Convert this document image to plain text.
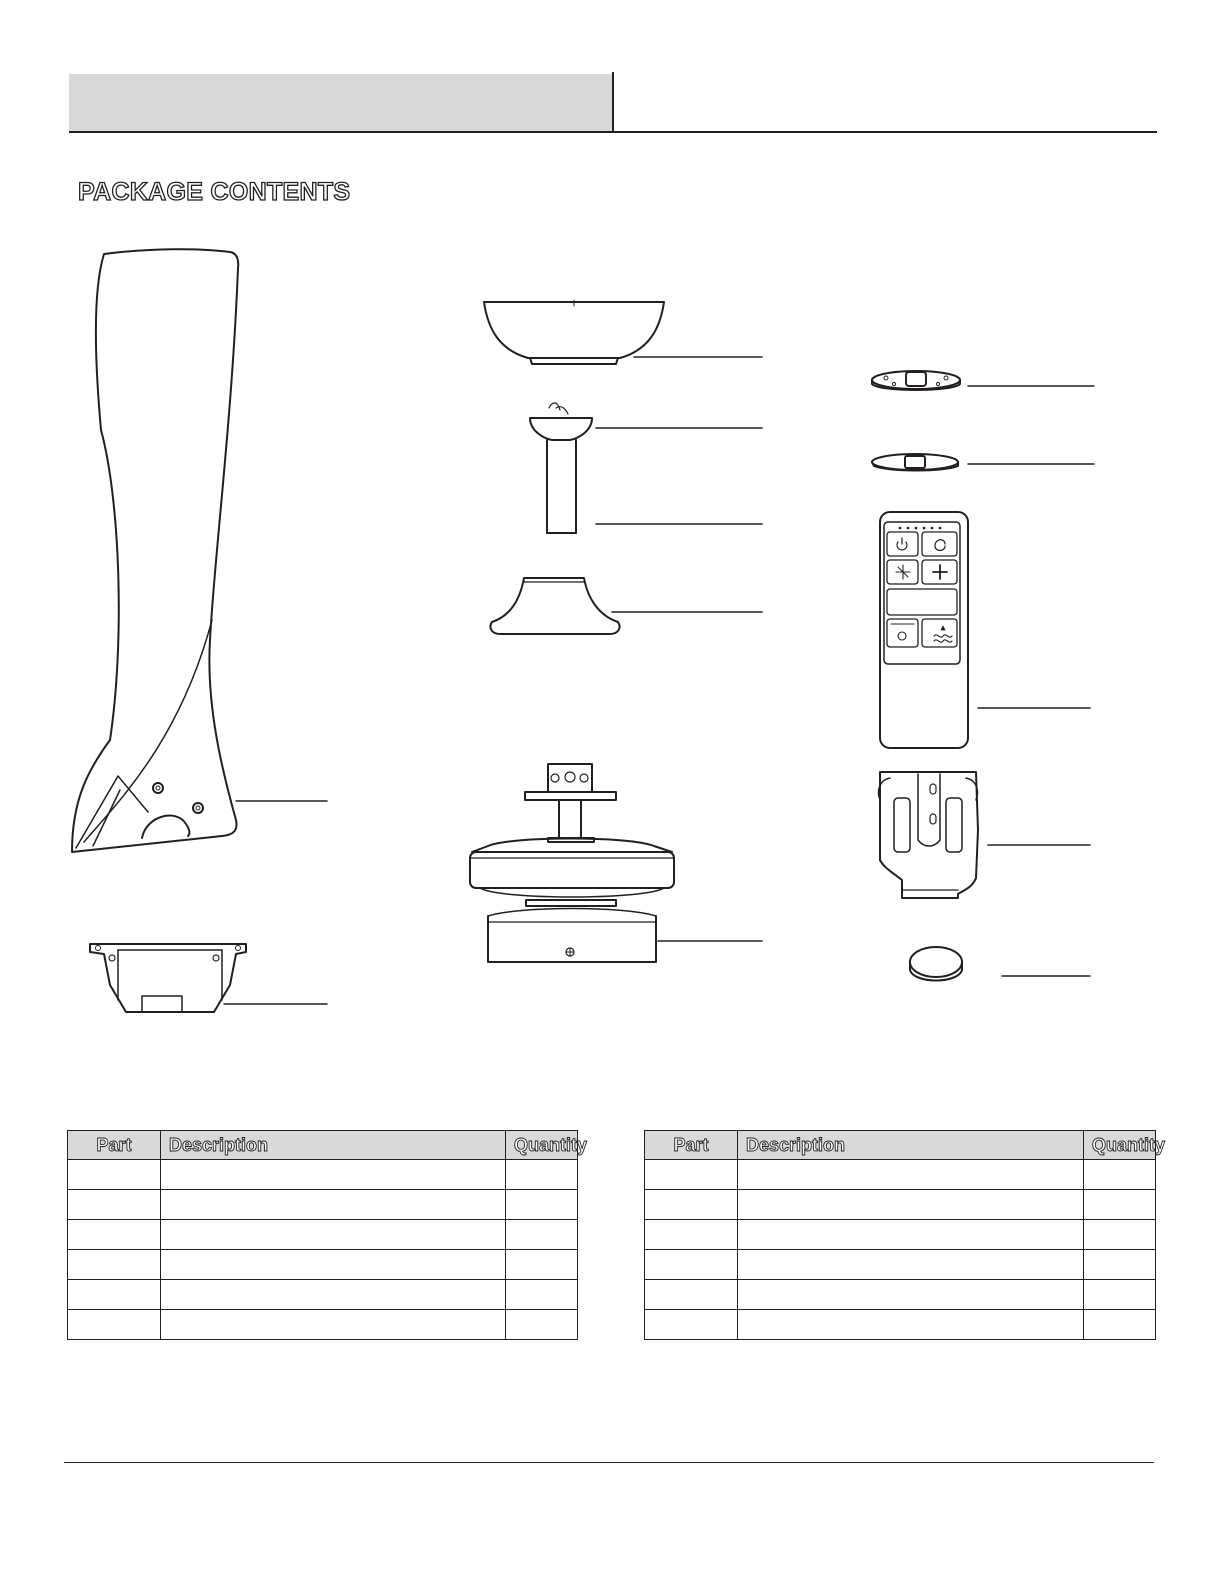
PACKAGE CONTENTS
Part	Description	Quantity

			Part	Description	Quantity
